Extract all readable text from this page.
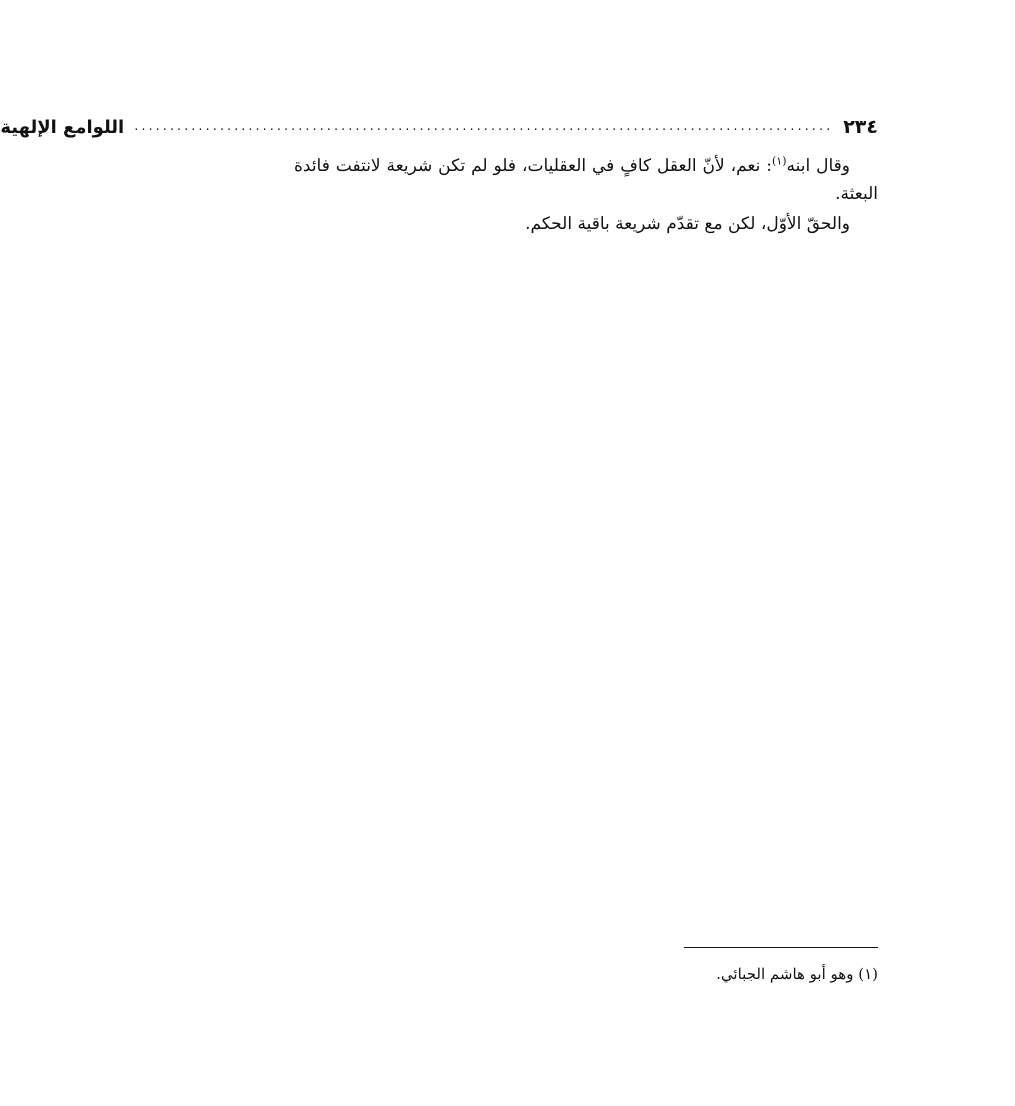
٢٣٤
..................................................................................................
اللوامع الإلهية

وقال ابنه$^{(١)}$: نعم، لأنّ العقل كافٍ في العقليات، فلو لم تكن شريعة لانتفت فائدة البعثة.

والحقّ الأوّل، لكن مع تقدّم شريعة باقية الحكم.

(١) وهو أبو هاشم الجبائي.
